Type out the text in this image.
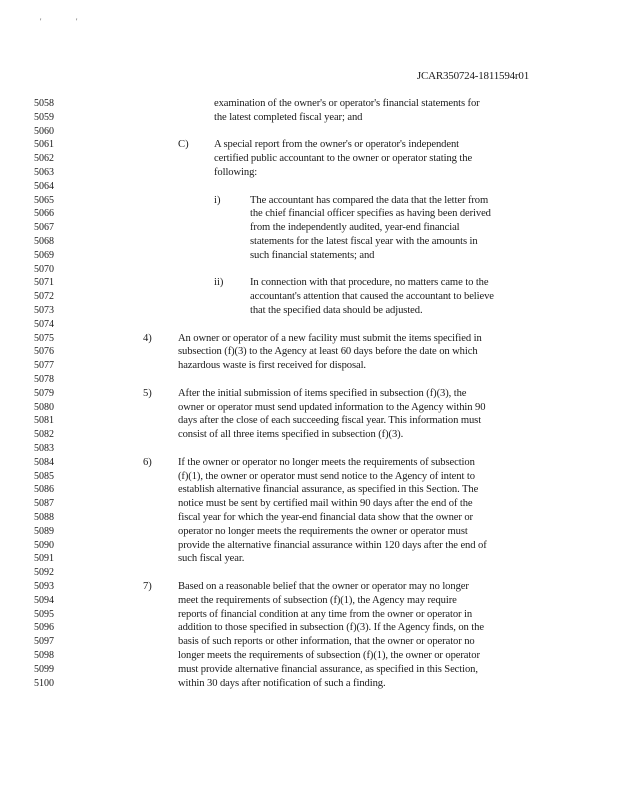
'	'
JCAR350724-1811594r01
5058	examination of the owner's or operator's financial statements for
5059	the latest completed fiscal year; and
5060
5061	C) A special report from the owner's or operator's independent
5062	certified public accountant to the owner or operator stating the
5063	following:
5064
5065	i)	The accountant has compared the data that the letter from
5066	the chief financial officer specifies as having been derived
5067	from the independently audited, year-end financial
5068	statements for the latest fiscal year with the amounts in
5069	such financial statements; and
5070
5071	ii)	In connection with that procedure, no matters came to the
5072	accountant's attention that caused the accountant to believe
5073	that the specified data should be adjusted.
5074
5075	4) An owner or operator of a new facility must submit the items specified in
5076	subsection (f)(3) to the Agency at least 60 days before the date on which
5077	hazardous waste is first received for disposal.
5078
5079	5) After the initial submission of items specified in subsection (f)(3), the
5080	owner or operator must send updated information to the Agency within 90
5081	days after the close of each succeeding fiscal year. This information must
5082	consist of all three items specified in subsection (f)(3).
5083
5084	6) If the owner or operator no longer meets the requirements of subsection
5085	(f)(1), the owner or operator must send notice to the Agency of intent to
5086	establish alternative financial assurance, as specified in this Section. The
5087	notice must be sent by certified mail within 90 days after the end of the
5088	fiscal year for which the year-end financial data show that the owner or
5089	operator no longer meets the requirements the owner or operator must
5090	provide the alternative financial assurance within 120 days after the end of
5091	such fiscal year.
5092
5093	7) Based on a reasonable belief that the owner or operator may no longer
5094	meet the requirements of subsection (f)(1), the Agency may require
5095	reports of financial condition at any time from the owner or operator in
5096	addition to those specified in subsection (f)(3). If the Agency finds, on the
5097	basis of such reports or other information, that the owner or operator no
5098	longer meets the requirements of subsection (f)(1), the owner or operator
5099	must provide alternative financial assurance, as specified in this Section,
5100	within 30 days after notification of such a finding.
